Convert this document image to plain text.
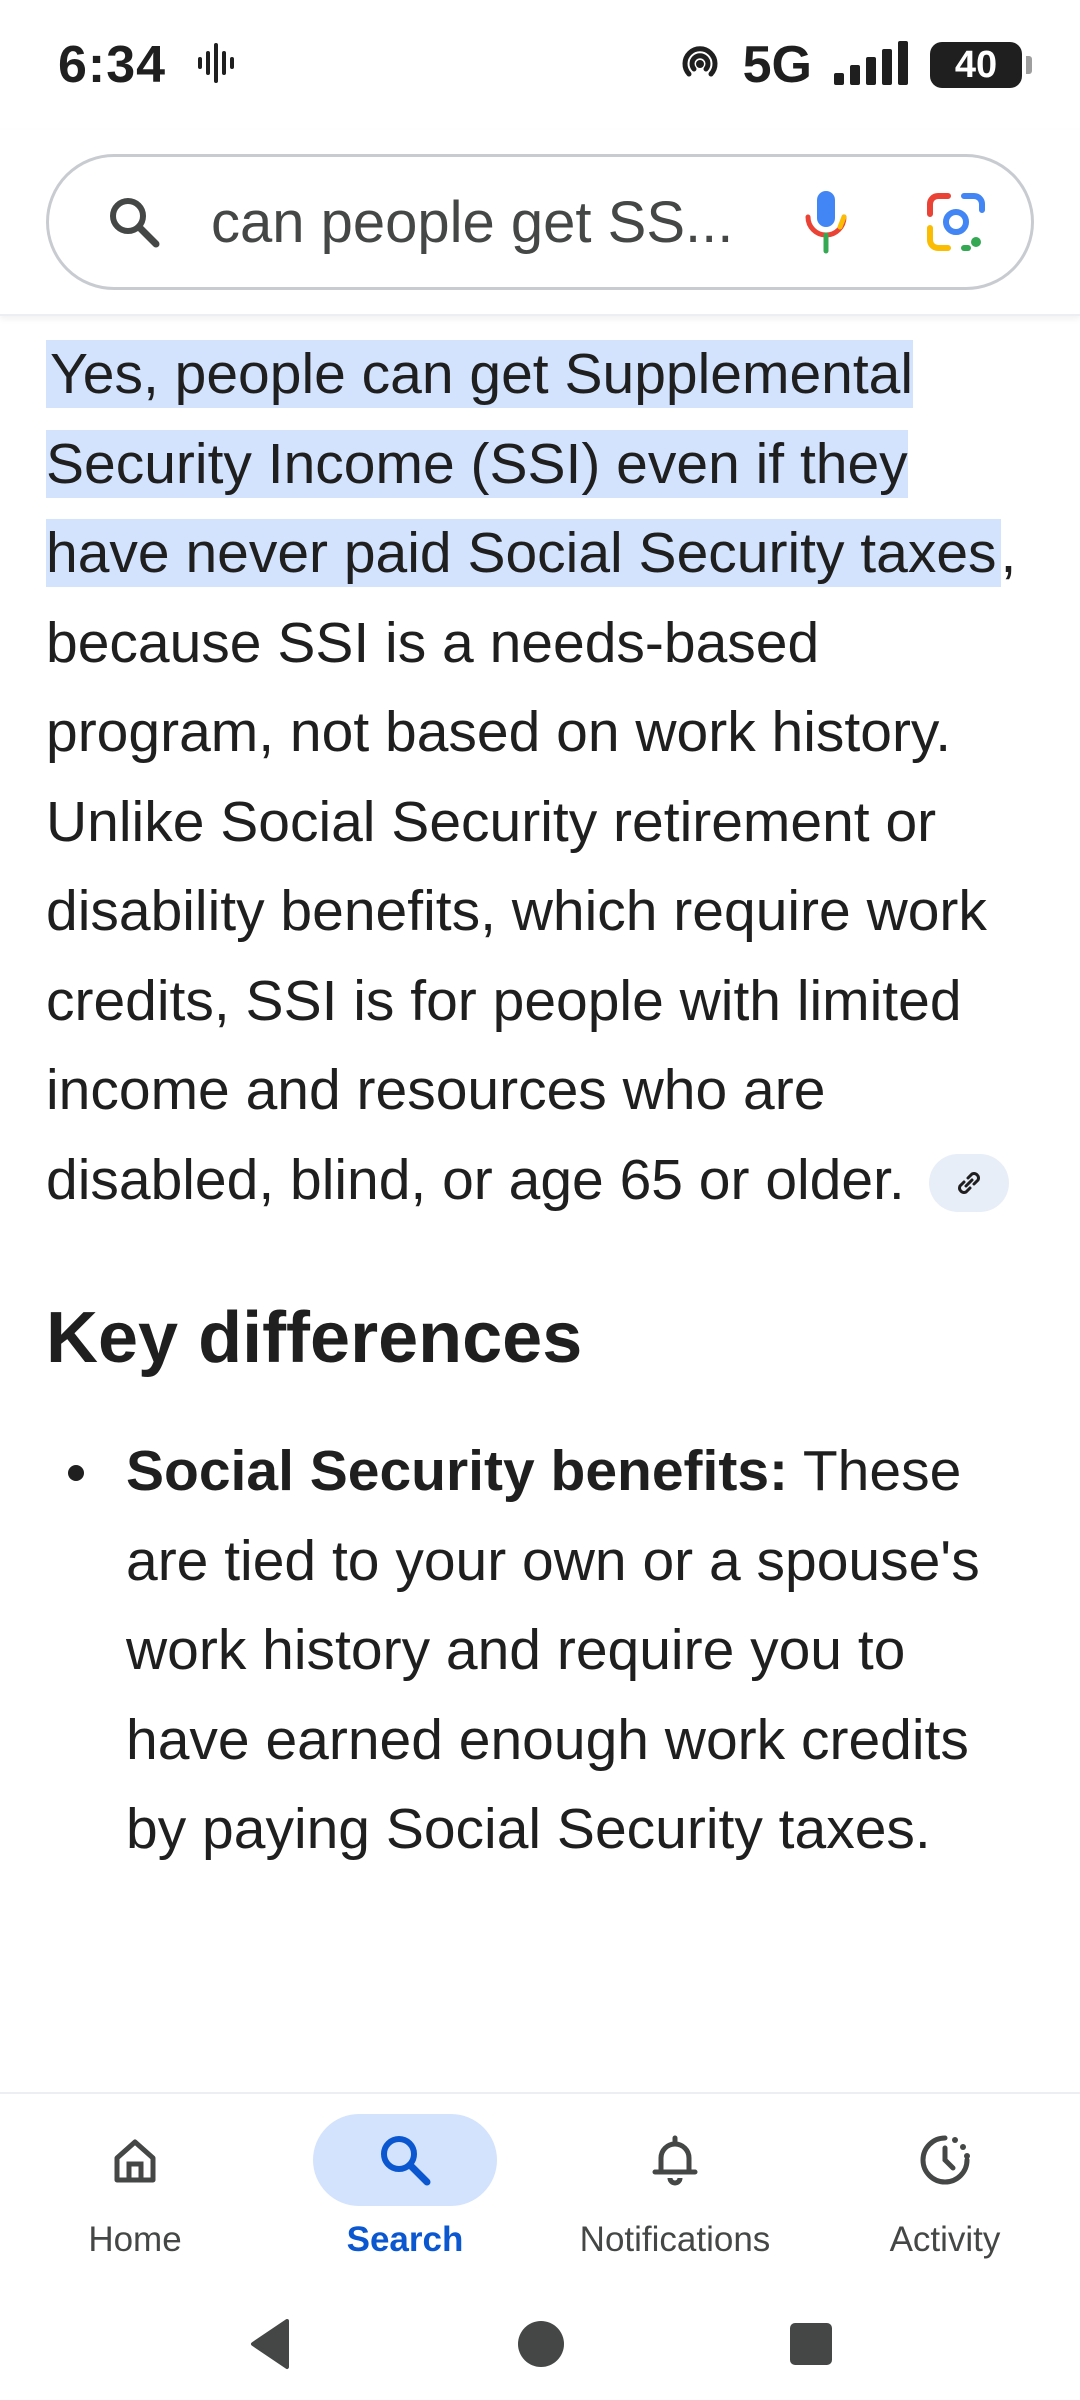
6:34	5G	40
can people get SS...

Yes, people can get Supplemental Security Income (SSI) even if they have never paid Social Security taxes, because SSI is a needs-based program, not based on work history. Unlike Social Security retirement or disability benefits, which require work credits, SSI is for people with limited income and resources who are disabled, blind, or age 65 or older.

Key differences
Social Security benefits: These are tied to your own or a spouse's work history and require you to have earned enough work credits by paying Social Security taxes.
Home	Search	Notifications	Activity
